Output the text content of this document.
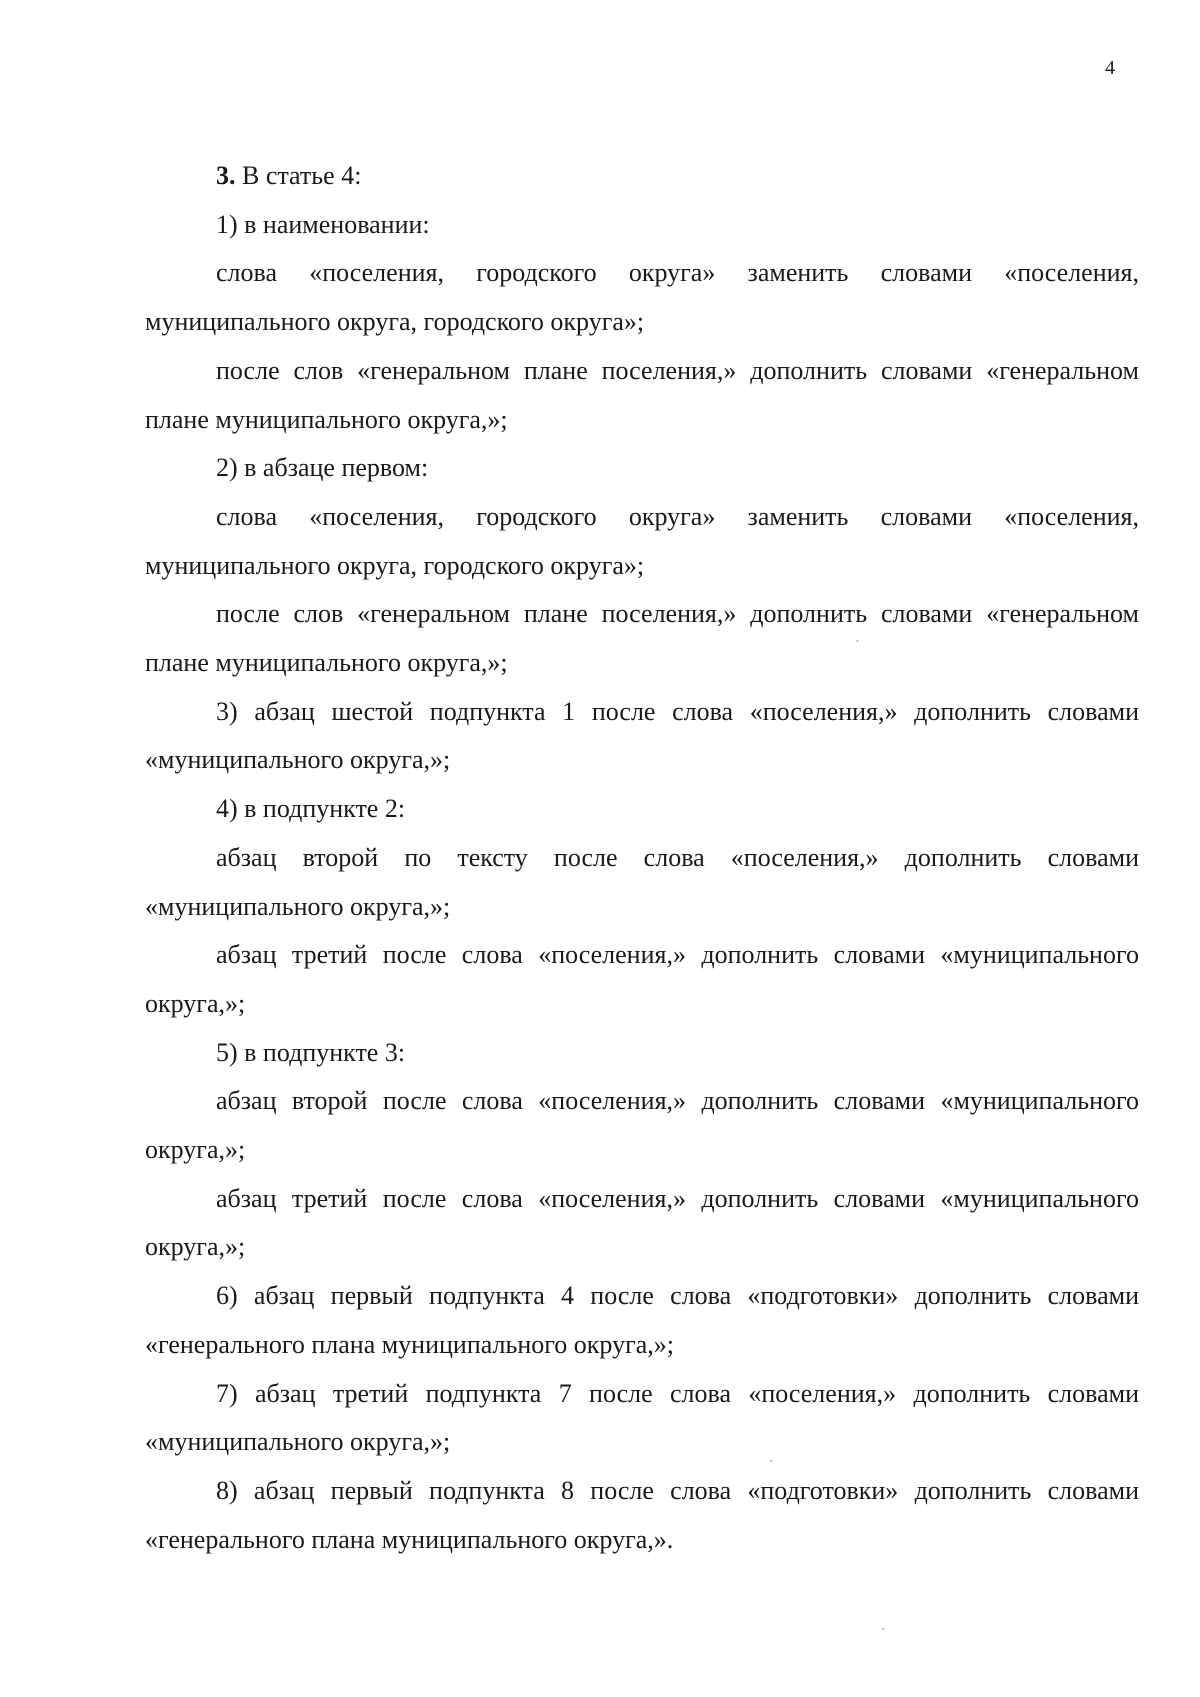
4

3. В статье 4:

1) в наименовании:

слова «поселения, городского округа» заменить словами «поселения, муниципального округа, городского округа»;

после слов «генеральном плане поселения,» дополнить словами «генеральном плане муниципального округа,»;

2) в абзаце первом:

слова «поселения, городского округа» заменить словами «поселения, муниципального округа, городского округа»;

после слов «генеральном плане поселения,» дополнить словами «генеральном плане муниципального округа,»;

3) абзац шестой подпункта 1 после слова «поселения,» дополнить словами «муниципального округа,»;

4) в подпункте 2:

абзац второй по тексту после слова «поселения,» дополнить словами «муниципального округа,»;

абзац третий после слова «поселения,» дополнить словами «муниципального округа,»;

5) в подпункте 3:

абзац второй после слова «поселения,» дополнить словами «муниципального округа,»;

абзац третий после слова «поселения,» дополнить словами «муниципального округа,»;

6) абзац первый подпункта 4 после слова «подготовки» дополнить словами «генерального плана муниципального округа,»;

7) абзац третий подпункта 7 после слова «поселения,» дополнить словами «муниципального округа,»;

8) абзац первый подпункта 8 после слова «подготовки» дополнить словами «генерального плана муниципального округа,».
